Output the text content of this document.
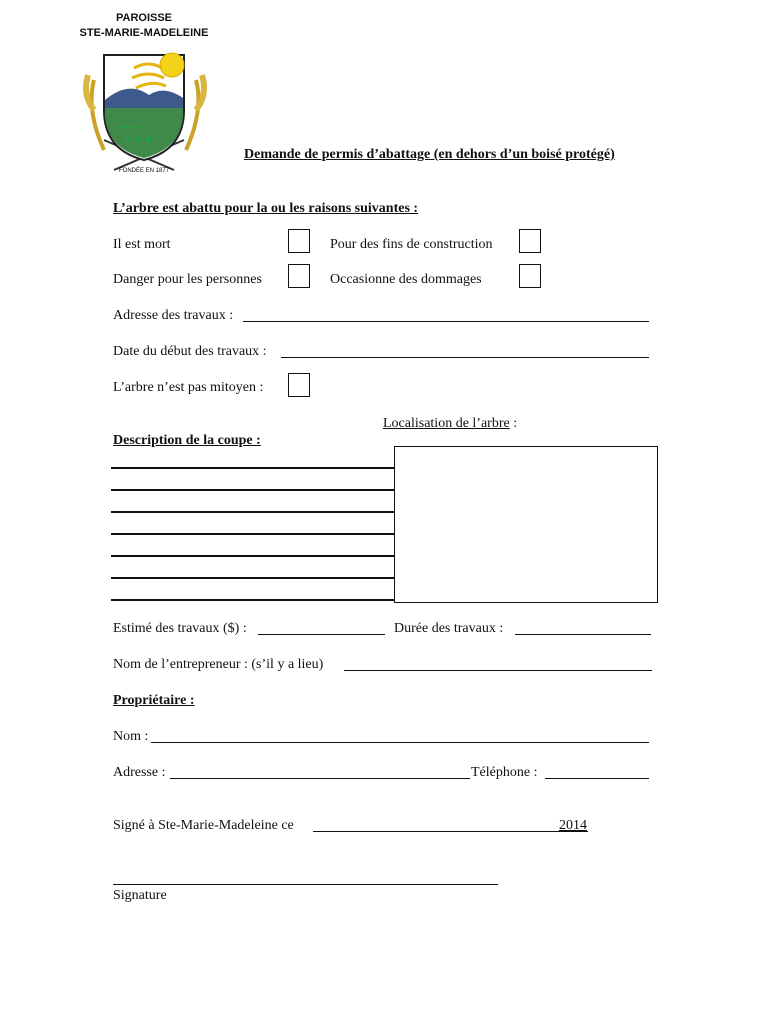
PAROISSE
STE-MARIE-MADELEINE
+ + +
+ + +
FONDÉE EN 1877
Demande de permis d’abattage (en dehors d’un boisé protégé)
L’arbre est abattu pour la ou les raisons suivantes :
Il est mort	Pour des fins de construction
Danger pour les personnes	Occasionne des dommages
Adresse des travaux :
Date du début des travaux :
L’arbre n’est pas mitoyen :
Localisation de l’arbre :
Description de la coupe :
Estimé des travaux ($) :	Durée des travaux :
Nom de l’entrepreneur : (s’il y a lieu)
Propriétaire :
Nom :
Adresse :	Téléphone :
Signé à Ste-Marie-Madeleine ce	2014
Signature
